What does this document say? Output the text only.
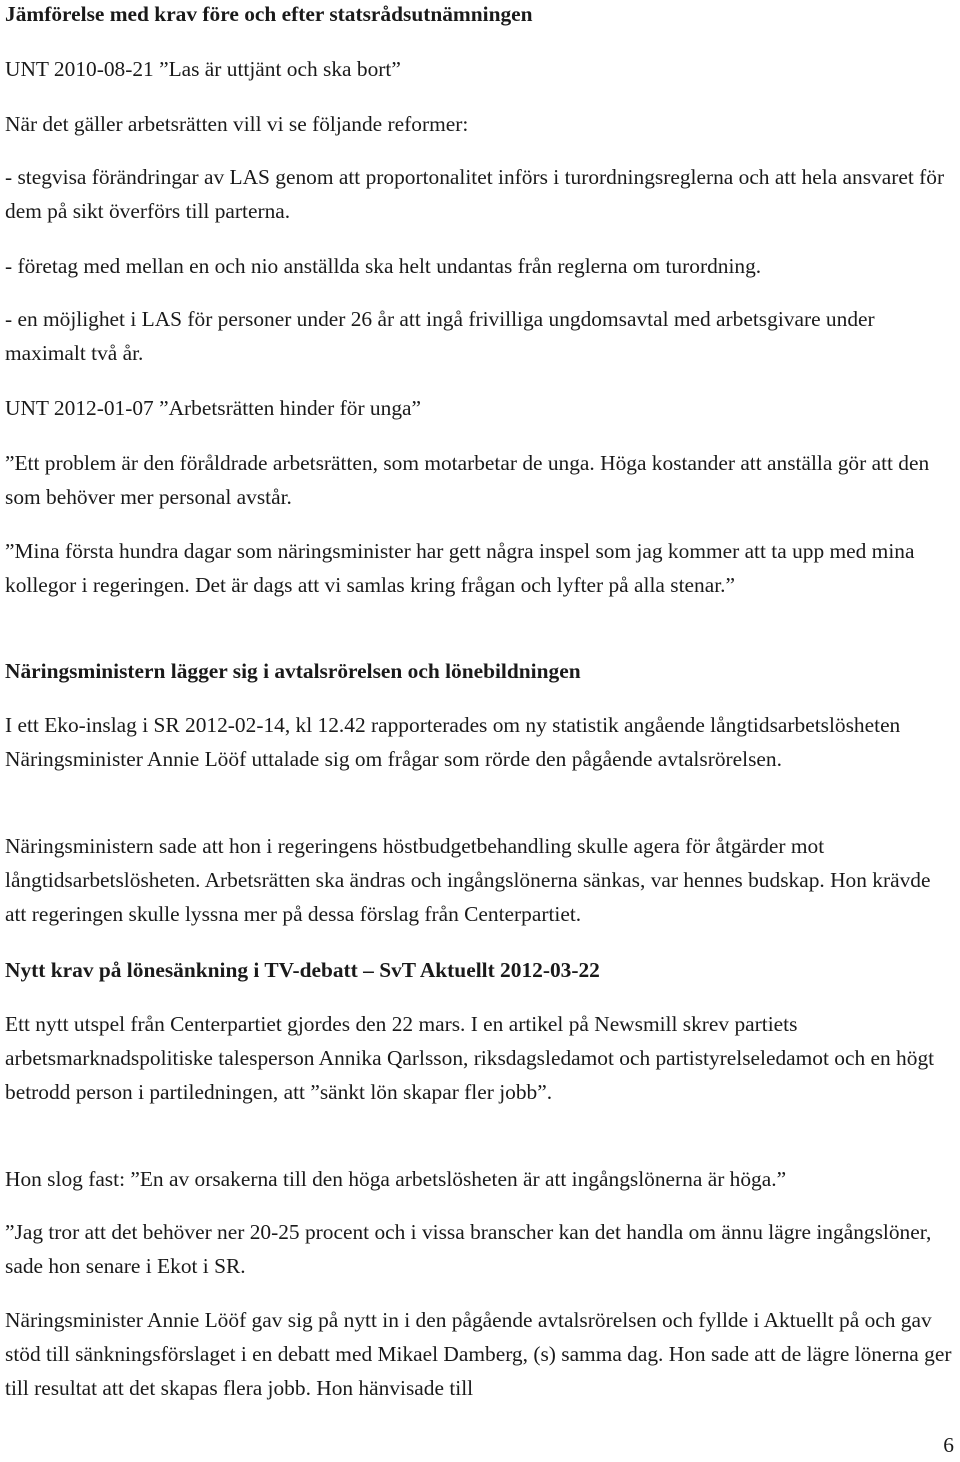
Jämförelse med krav före och efter statsrådsutnämningen

UNT 2010-08-21 ”Las är uttjänt och ska bort”

När det gäller arbetsrätten vill vi se följande reformer:

- stegvisa förändringar av LAS genom att proportonalitet införs i turordningsreglerna och att hela ansvaret för dem på sikt överförs till parterna.

- företag med mellan en och nio anställda ska helt undantas från reglerna om turordning.

- en möjlighet i LAS för personer under 26 år att ingå frivilliga ungdomsavtal med arbetsgivare under maximalt två år.

UNT 2012-01-07 ”Arbetsrätten hinder för unga”

”Ett problem är den föråldrade arbetsrätten, som motarbetar de unga. Höga kostander att anställa gör att den som behöver mer personal avstår.

”Mina första hundra dagar som näringsminister har gett några inspel som jag kommer att ta upp med mina kollegor i regeringen. Det är dags att vi samlas kring frågan och lyfter på alla stenar.”

Näringsministern lägger sig i avtalsrörelsen och lönebildningen

I ett Eko-inslag i SR 2012-02-14, kl 12.42 rapporterades om ny statistik angående långtidsarbetslösheten Näringsminister Annie Lööf uttalade sig om frågar som rörde den pågående avtalsrörelsen.

Näringsministern sade att hon i regeringens höstbudgetbehandling skulle agera för åtgärder mot långtidsarbetslösheten. Arbetsrätten ska ändras och ingångslönerna sänkas, var hennes budskap. Hon krävde att regeringen skulle lyssna mer på dessa förslag från Centerpartiet.

Nytt krav på lönesänkning i TV-debatt – SvT Aktuellt 2012-03-22

Ett nytt utspel från Centerpartiet gjordes den 22 mars. I en artikel på Newsmill skrev partiets arbetsmarknadspolitiske talesperson Annika Qarlsson, riksdagsledamot och partistyrelseledamot och en högt betrodd person i partiledningen, att ”sänkt lön skapar fler jobb”.

Hon slog fast: ”En av orsakerna till den höga arbetslösheten är att ingångslönerna är höga.”

”Jag tror att det behöver ner 20-25 procent och i vissa branscher kan det handla om ännu lägre ingångslöner, sade hon senare i Ekot i SR.

Näringsminister Annie Lööf gav sig på nytt in i den pågående avtalsrörelsen och fyllde i Aktuellt på och gav stöd till sänkningsförslaget i en debatt med Mikael Damberg, (s) samma dag. Hon sade att de lägre lönerna ger till resultat att det skapas flera jobb. Hon hänvisade till

6
